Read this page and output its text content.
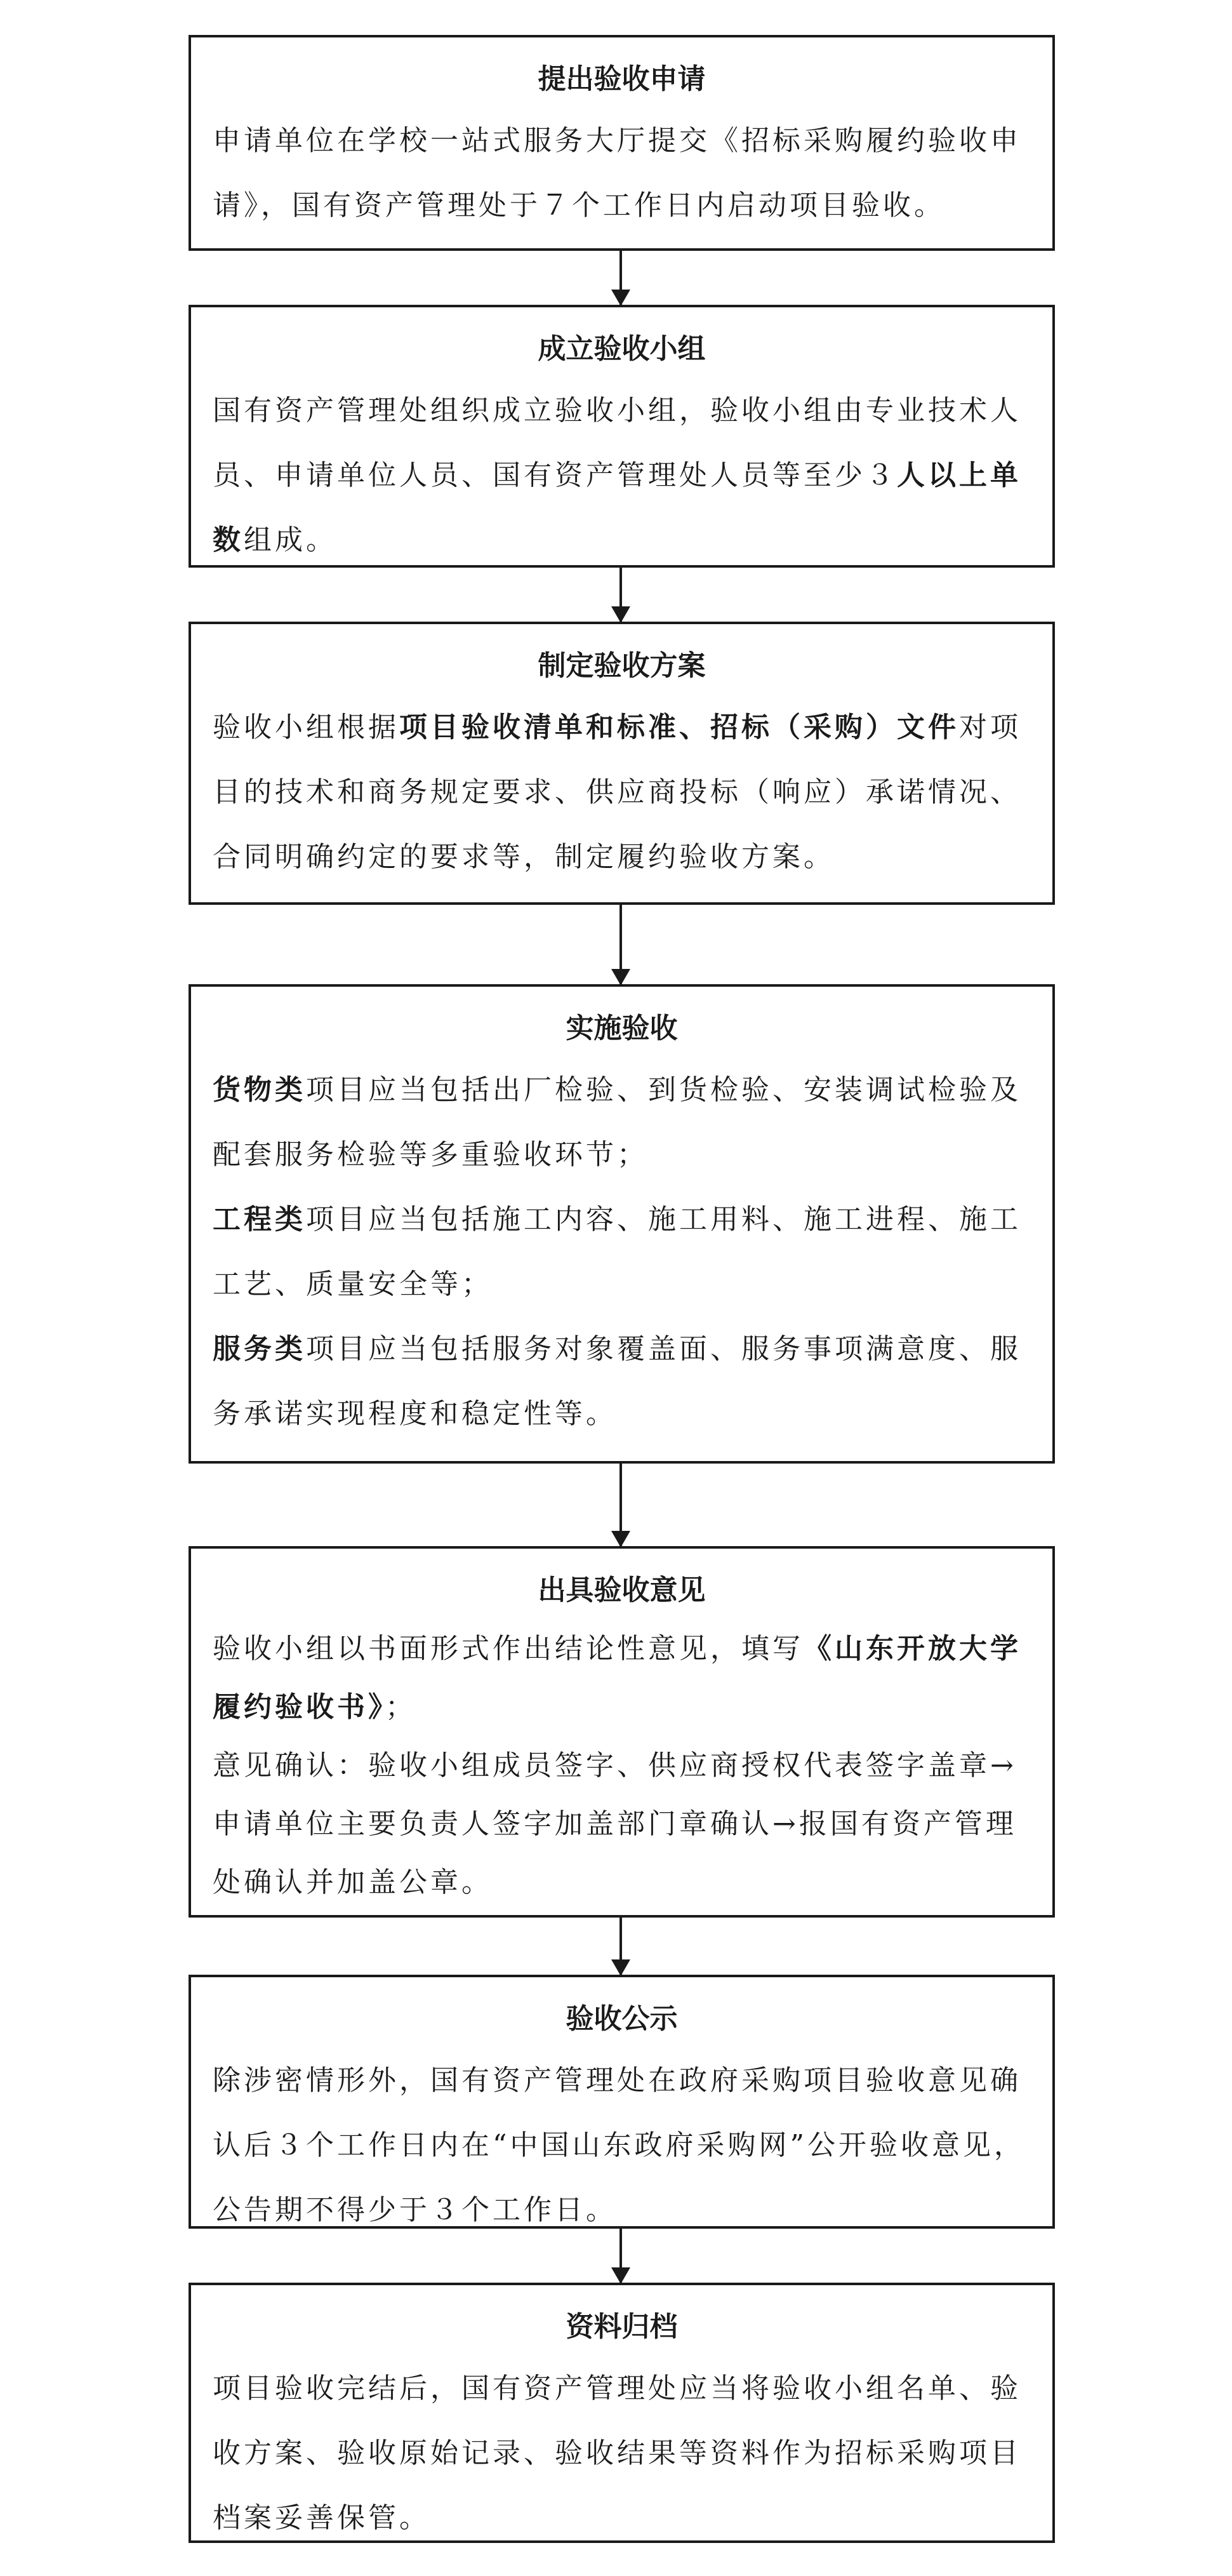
提出验收申请
申请单位在学校一站式服务大厅提交《招标采购履约验收申请》，国有资产管理处于７个工作日内启动项目验收。
成立验收小组
国有资产管理处组织成立验收小组，验收小组由专业技术人员、申请单位人员、国有资产管理处人员等至少３人以上单数组成。
制定验收方案
验收小组根据项目验收清单和标准、招标（采购）文件对项目的技术和商务规定要求、供应商投标（响应）承诺情况、合同明确约定的要求等，制定履约验收方案。
实施验收
货物类项目应当包括出厂检验、到货检验、安装调试检验及配套服务检验等多重验收环节；
工程类项目应当包括施工内容、施工用料、施工进程、施工工艺、质量安全等；
服务类项目应当包括服务对象覆盖面、服务事项满意度、服务承诺实现程度和稳定性等。
出具验收意见
验收小组以书面形式作出结论性意见，填写《山东开放大学履约验收书》；
意见确认：验收小组成员签字、供应商授权代表签字盖章→申请单位主要负责人签字加盖部门章确认→报国有资产管理处确认并加盖公章。
验收公示
除涉密情形外，国有资产管理处在政府采购项目验收意见确认后３个工作日内在“中国山东政府采购网”公开验收意见，公告期不得少于３个工作日。
资料归档
项目验收完结后，国有资产管理处应当将验收小组名单、验收方案、验收原始记录、验收结果等资料作为招标采购项目档案妥善保管。
